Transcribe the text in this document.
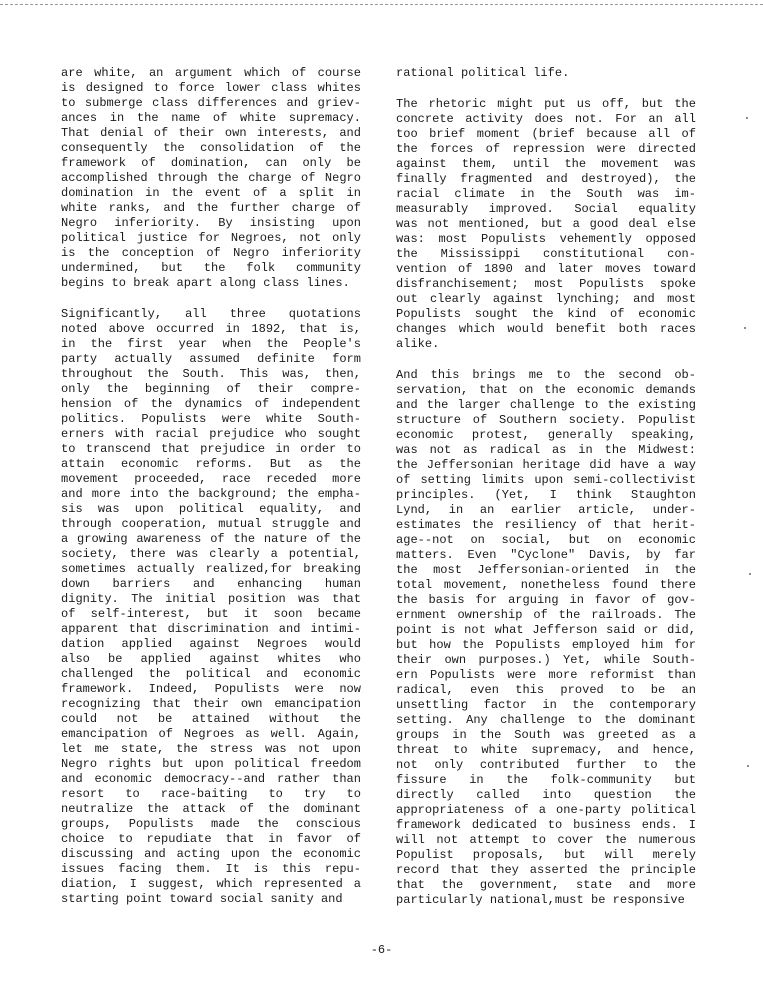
are white, an argument which of course
is designed to force lower class whites
to submerge class differences and griev-
ances in the name of white supremacy.
That denial of their own interests, and
consequently the consolidation of the
framework of domination, can only be
accomplished through the charge of Negro
domination in the event of a split in
white ranks, and the further charge of
Negro inferiority. By insisting upon
political justice for Negroes, not only
is the conception of Negro inferiority
undermined, but the folk community
begins to break apart along class lines.
Significantly, all three quotations
noted above occurred in 1892, that is,
in the first year when the People's
party actually assumed definite form
throughout the South. This was, then,
only the beginning of their compre-
hension of the dynamics of independent
politics. Populists were white South-
erners with racial prejudice who sought
to transcend that prejudice in order to
attain economic reforms. But as the
movement proceeded, race receded more
and more into the background; the empha-
sis was upon political equality, and
through cooperation, mutual struggle and
a growing awareness of the nature of the
society, there was clearly a potential,
sometimes actually realized,for breaking
down barriers and enhancing human
dignity. The initial position was that
of self-interest, but it soon became
apparent that discrimination and intimi-
dation applied against Negroes would
also be applied against whites who
challenged the political and economic
framework. Indeed, Populists were now
recognizing that their own emancipation
could not be attained without the
emancipation of Negroes as well. Again,
let me state, the stress was not upon
Negro rights but upon political freedom
and economic democracy--and rather than
resort to race-baiting to try to
neutralize the attack of the dominant
groups, Populists made the conscious
choice to repudiate that in favor of
discussing and acting upon the economic
issues facing them. It is this repu-
diation, I suggest, which represented a
starting point toward social sanity and
rational political life.
The rhetoric might put us off, but the
concrete activity does not. For an all
too brief moment (brief because all of
the forces of repression were directed
against them, until the movement was
finally fragmented and destroyed), the
racial climate in the South was im-
measurably improved. Social equality
was not mentioned, but a good deal else
was: most Populists vehemently opposed
the Mississippi constitutional con-
vention of 1890 and later moves toward
disfranchisement; most Populists spoke
out clearly against lynching; and most
Populists sought the kind of economic
changes which would benefit both races
alike.
And this brings me to the second ob-
servation, that on the economic demands
and the larger challenge to the existing
structure of Southern society. Populist
economic protest, generally speaking,
was not as radical as in the Midwest:
the Jeffersonian heritage did have a way
of setting limits upon semi-collectivist
principles. (Yet, I think Staughton
Lynd, in an earlier article, under-
estimates the resiliency of that herit-
age--not on social, but on economic
matters. Even "Cyclone" Davis, by far
the most Jeffersonian-oriented in the
total movement, nonetheless found there
the basis for arguing in favor of gov-
ernment ownership of the railroads. The
point is not what Jefferson said or did,
but how the Populists employed him for
their own purposes.) Yet, while South-
ern Populists were more reformist than
radical, even this proved to be an
unsettling factor in the contemporary
setting. Any challenge to the dominant
groups in the South was greeted as a
threat to white supremacy, and hence,
not only contributed further to the
fissure in the folk-community but
directly called into question the
appropriateness of a one-party political
framework dedicated to business ends. I
will not attempt to cover the numerous
Populist proposals, but will merely
record that they asserted the principle
that the government, state and more
particularly national,must be responsive
-6-
